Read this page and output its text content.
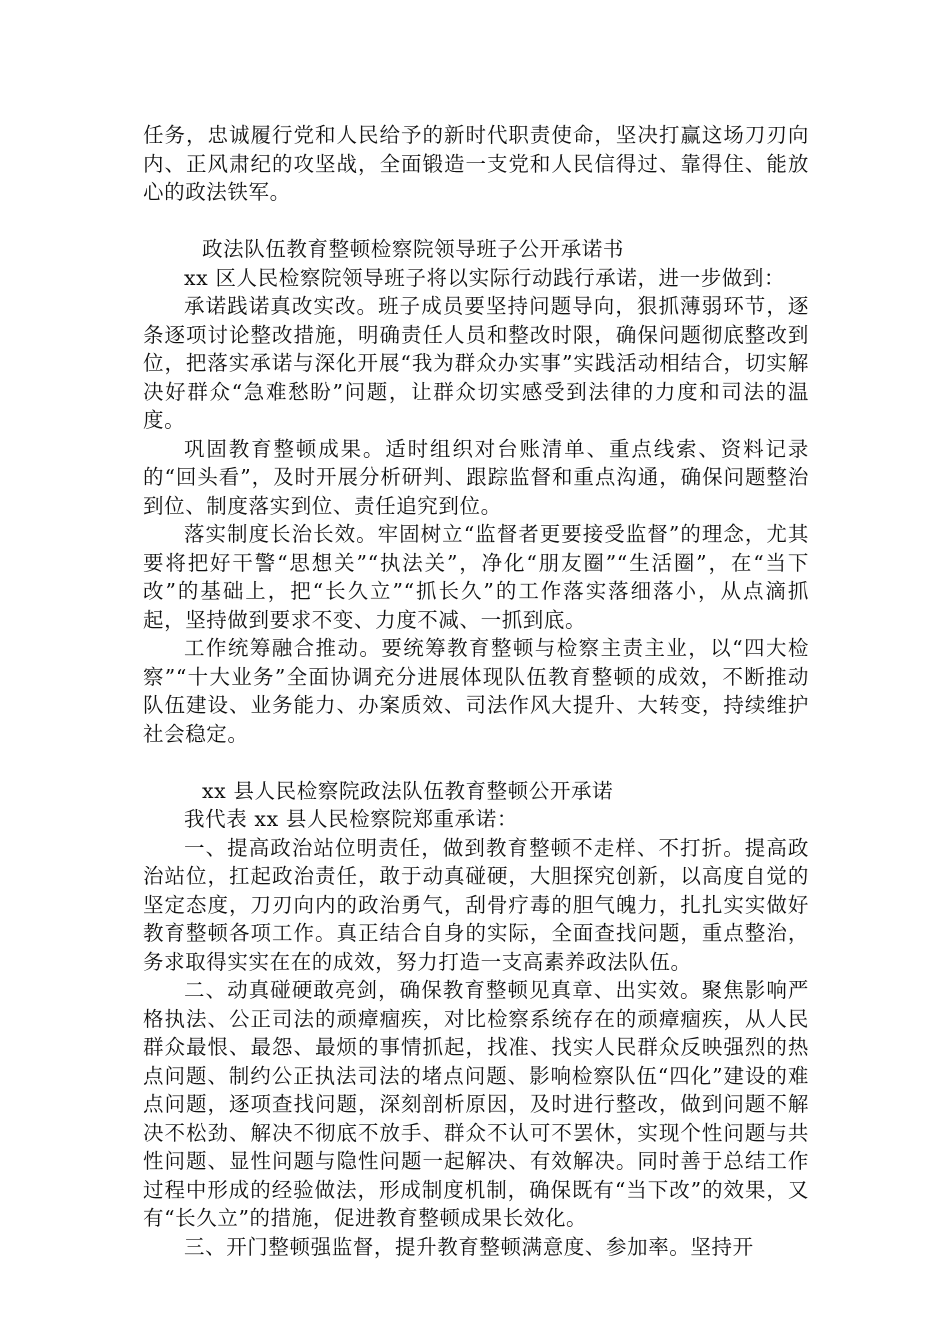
任务，忠诚履行党和人民给予的新时代职责使命，坚决打赢这场刀刃向内、正风肃纪的攻坚战，全面锻造一支党和人民信得过、靠得住、能放心的政法铁军。

政法队伍教育整顿检察院领导班子公开承诺书

xx 区人民检察院领导班子将以实际行动践行承诺，进一步做到：

承诺践诺真改实改。班子成员要坚持问题导向，狠抓薄弱环节，逐条逐项讨论整改措施，明确责任人员和整改时限，确保问题彻底整改到位，把落实承诺与深化开展“我为群众办实事”实践活动相结合，切实解决好群众“急难愁盼”问题，让群众切实感受到法律的力度和司法的温度。

巩固教育整顿成果。适时组织对台账清单、重点线索、资料记录的“回头看”，及时开展分析研判、跟踪监督和重点沟通，确保问题整治到位、制度落实到位、责任追究到位。

落实制度长治长效。牢固树立“监督者更要接受监督”的理念，尤其要将把好干警“思想关”“执法关”，净化“朋友圈”“生活圈”，在“当下改”的基础上，把“长久立”“抓长久”的工作落实落细落小，从点滴抓起，坚持做到要求不变、力度不减、一抓到底。

工作统筹融合推动。要统筹教育整顿与检察主责主业，以“四大检察”“十大业务”全面协调充分进展体现队伍教育整顿的成效，不断推动队伍建设、业务能力、办案质效、司法作风大提升、大转变，持续维护社会稳定。

xx 县人民检察院政法队伍教育整顿公开承诺

我代表 xx 县人民检察院郑重承诺：

一、提高政治站位明责任，做到教育整顿不走样、不打折。提高政治站位，扛起政治责任，敢于动真碰硬，大胆探究创新，以高度自觉的坚定态度，刀刃向内的政治勇气，刮骨疗毒的胆气魄力，扎扎实实做好教育整顿各项工作。真正结合自身的实际，全面查找问题，重点整治，务求取得实实在在的成效，努力打造一支高素养政法队伍。

二、动真碰硬敢亮剑，确保教育整顿见真章、出实效。聚焦影响严格执法、公正司法的顽瘴痼疾，对比检察系统存在的顽瘴痼疾，从人民群众最恨、最怨、最烦的事情抓起，找准、找实人民群众反映强烈的热点问题、制约公正执法司法的堵点问题、影响检察队伍“四化”建设的难点问题，逐项查找问题，深刻剖析原因，及时进行整改，做到问题不解决不松劲、解决不彻底不放手、群众不认可不罢休，实现个性问题与共性问题、显性问题与隐性问题一起解决、有效解决。同时善于总结工作过程中形成的经验做法，形成制度机制，确保既有“当下改”的效果，又有“长久立”的措施，促进教育整顿成果长效化。

三、开门整顿强监督，提升教育整顿满意度、参加率。坚持开
